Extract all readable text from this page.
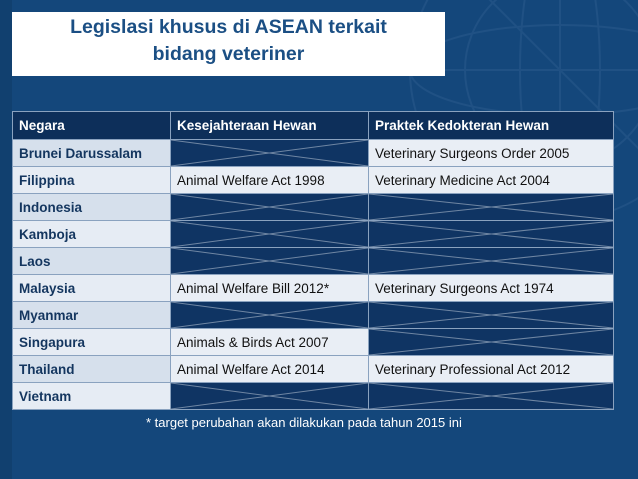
Legislasi khusus di ASEAN terkait
bidang veteriner
Negara	Kesejahteraan Hewan	Praktek Kedokteran Hewan
Brunei Darussalam		Veterinary Surgeons Order 2005
Filippina	Animal Welfare Act 1998	Veterinary Medicine Act 2004
Indonesia	

Kamboja	

Laos	

Malaysia	Animal Welfare Bill 2012*	Veterinary Surgeons Act 1974
Myanmar	

Singapura	Animals & Birds Act 2007	

Thailand	Animal Welfare Act 2014	Veterinary Professional Act 2012
Vietnam	

* target perubahan akan dilakukan pada tahun 2015 ini
